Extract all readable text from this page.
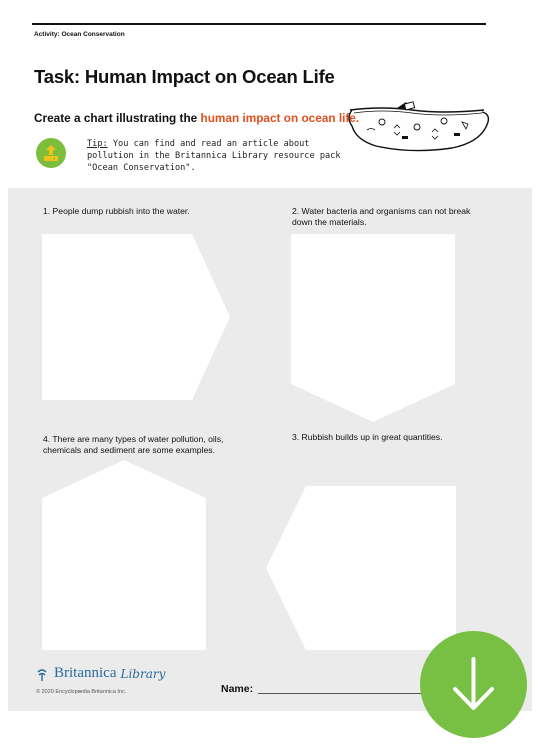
Activity: Ocean Conservation
Task: Human Impact on Ocean Life
Create a chart illustrating the human impact on ocean life.
Tip: You can find and read an article about pollution in the Britannica Library resource pack "Ocean Conservation".
1. People dump rubbish into the water.	2. Water bacteria and organisms can not break down the materials.
4. There are many types of water pollution, oils, chemicals and sediment are some examples.
3. Rubbish builds up in great quantities.
Britannica Library
© 2020 Encyclopædia Britannica Inc.	Name:
